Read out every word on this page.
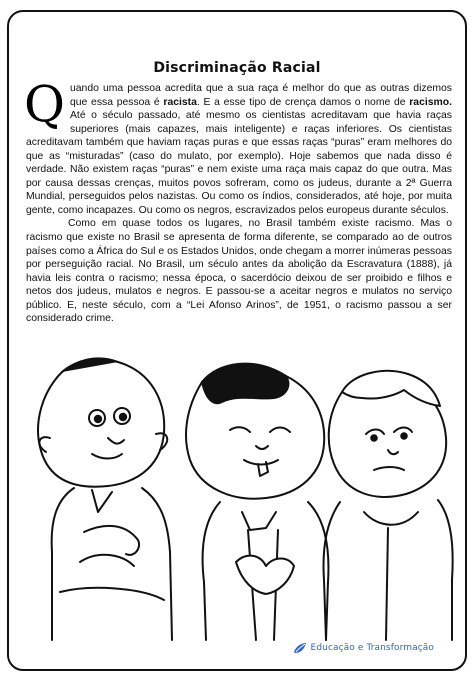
Discriminação Racial

Quando uma pessoa acredita que a sua raça é melhor do que as outras dizemos que essa pessoa é racista. E a esse tipo de crença damos o nome de racismo. Até o século passado, até mesmo os cientistas acreditavam que havia raças superiores (mais capazes, mais inteligente) e raças inferiores. Os cientistas acreditavam também que haviam raças puras e que essas raças “puras” eram melhores do que as “misturadas” (caso do mulato, por exemplo). Hoje sabemos que nada disso é verdade. Não existem raças “puras” e nem existe uma raça mais capaz do que outra. Mas por causa dessas crenças, muitos povos sofreram, como os judeus, durante a 2ª Guerra Mundial, perseguidos pelos nazistas. Ou como os índios, considerados, até hoje, por muita gente, como incapazes. Ou como os negros, escravizados pelos europeus durante séculos.

Como em quase todos os lugares, no Brasil também existe racismo. Mas o racismo que existe no Brasil se apresenta de forma diferente, se comparado ao de outros países como a África do Sul e os Estados Unidos, onde chegam a morrer inúmeras pessoas por perseguição racial. No Brasil, um século antes da abolição da Escravatura (1888), já havia leis contra o racismo; nessa época, o sacerdócio deixou de ser proibido e filhos e netos dos judeus, mulatos e negros. E passou-se a aceitar negros e mulatos no serviço público. E, neste século, com a “Lei Afonso Arinos”, de 1951, o racismo passou a ser considerado crime.

Educação e Transformação
